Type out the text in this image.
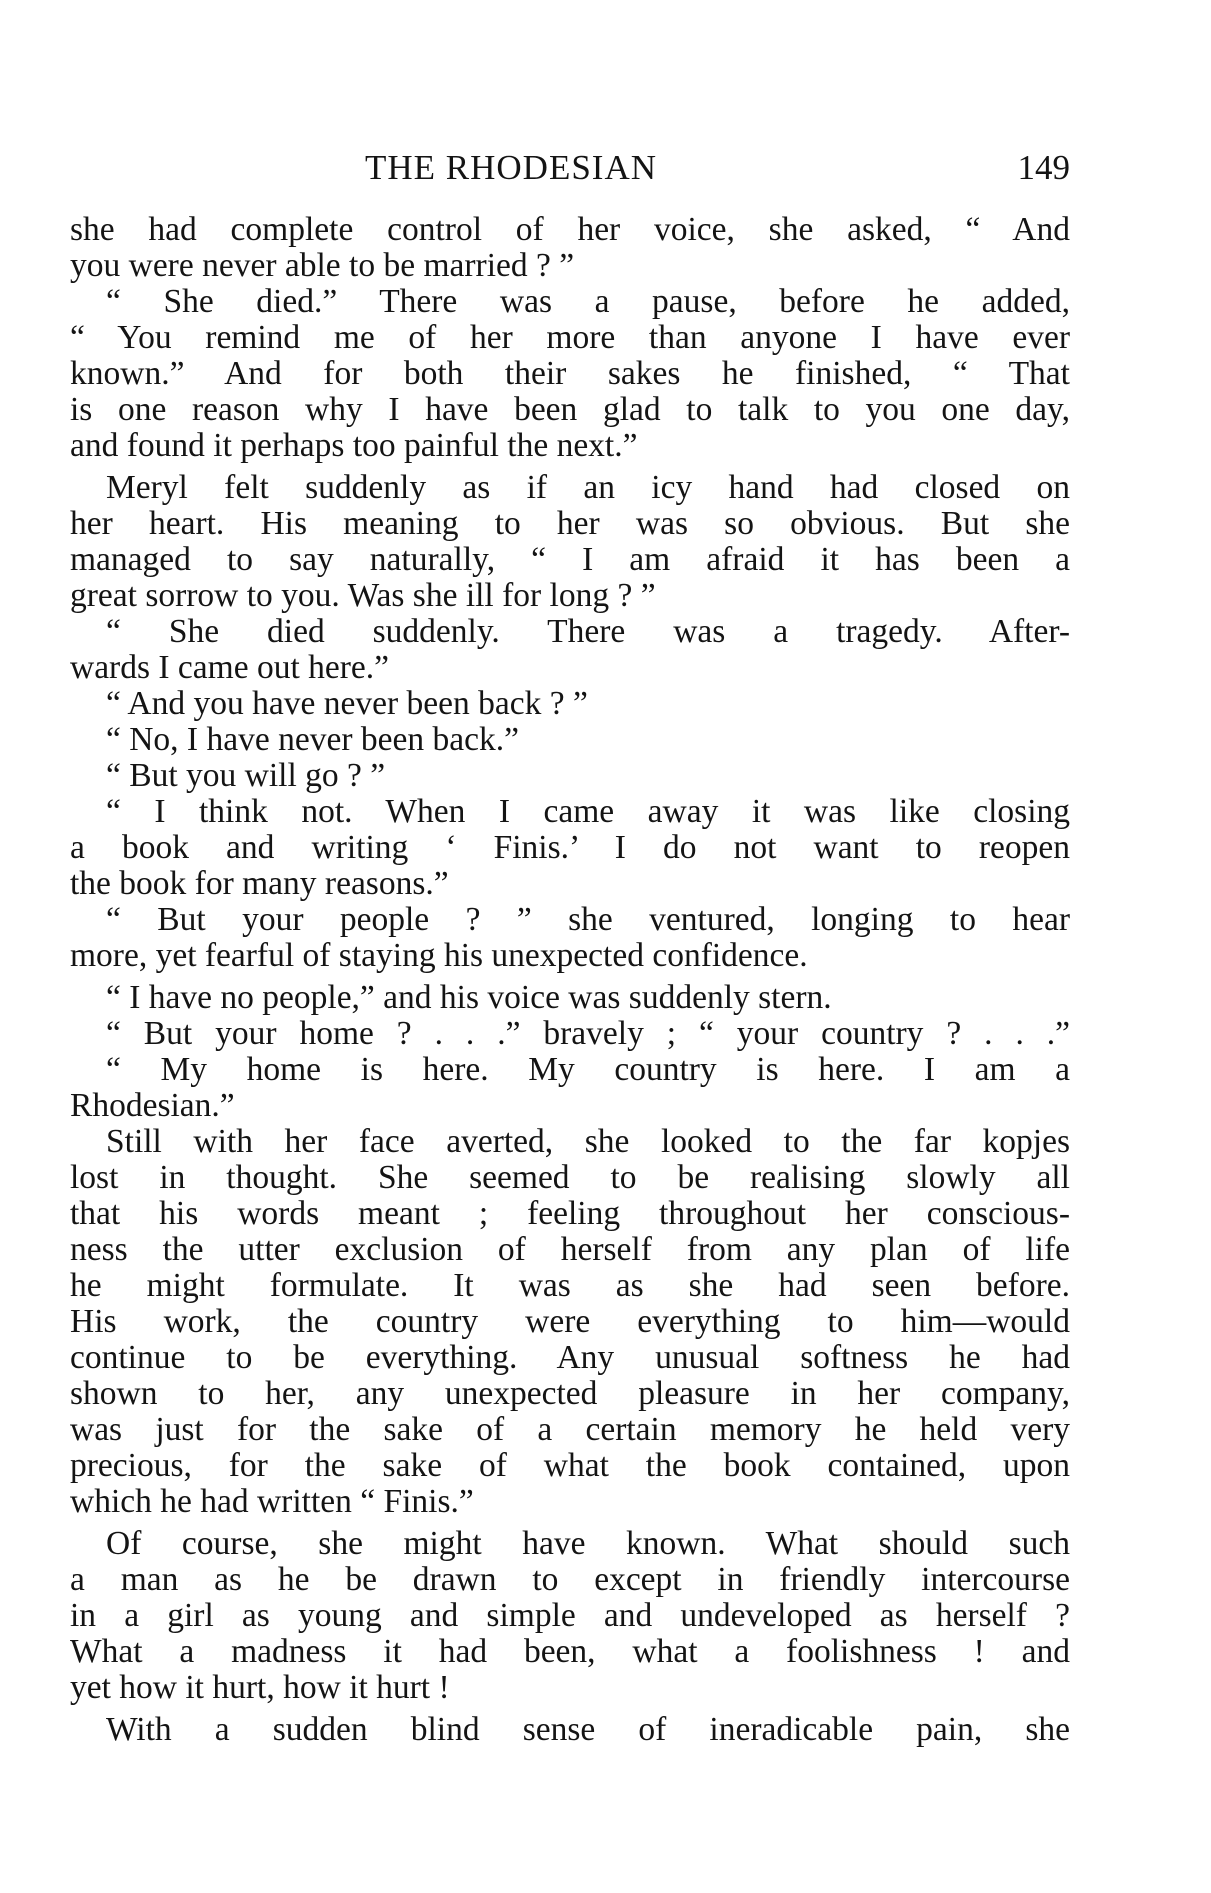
THE RHODESIAN	149
she had complete control of her voice, she asked, “ And
you were never able to be married ? ”
“ She died.” There was a pause, before he added,
“ You remind me of her more than anyone I have ever
known.” And for both their sakes he finished, “ That
is one reason why I have been glad to talk to you one day,
and found it perhaps too painful the next.”
Meryl felt suddenly as if an icy hand had closed on
her heart. His meaning to her was so obvious. But she
managed to say naturally, “ I am afraid it has been a
great sorrow to you. Was she ill for long ? ”
“ She died suddenly. There was a tragedy. After-
wards I came out here.”
“ And you have never been back ? ”
“ No, I have never been back.”
“ But you will go ? ”
“ I think not. When I came away it was like closing
a book and writing ‘ Finis.’ I do not want to reopen
the book for many reasons.”
“ But your people ? ” she ventured, longing to hear
more, yet fearful of staying his unexpected confidence.
“ I have no people,” and his voice was suddenly stern.
“ But your home ? . . .” bravely ; “ your country ? . . .”
“ My home is here. My country is here. I am a
Rhodesian.”
Still with her face averted, she looked to the far kopjes
lost in thought. She seemed to be realising slowly all
that his words meant ; feeling throughout her conscious-
ness the utter exclusion of herself from any plan of life
he might formulate. It was as she had seen before.
His work, the country were everything to him—would
continue to be everything. Any unusual softness he had
shown to her, any unexpected pleasure in her company,
was just for the sake of a certain memory he held very
precious, for the sake of what the book contained, upon
which he had written “ Finis.”
Of course, she might have known. What should such
a man as he be drawn to except in friendly intercourse
in a girl as young and simple and undeveloped as herself ?
What a madness it had been, what a foolishness ! and
yet how it hurt, how it hurt !
With a sudden blind sense of ineradicable pain, she
